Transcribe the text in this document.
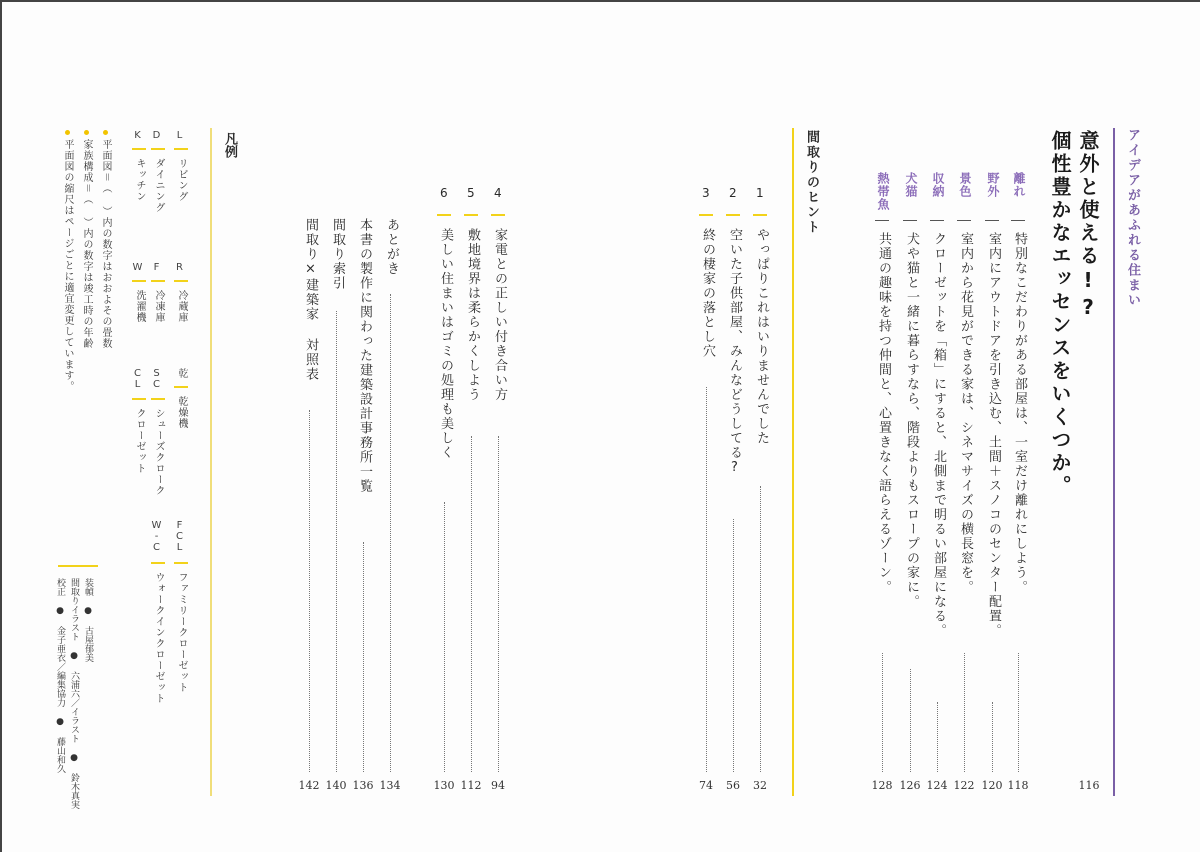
アイデアがあふれる住まい
意外と使える!?
個性豊かなエッセンスをいくつか。
116
離れ
特別なこだわりがある部屋は、一室だけ離れにしよう。
118
野外
室内にアウトドアを引き込む、土間＋スノコのセンター配置。
120
景色
室内から花見ができる家は、シネマサイズの横長窓を。
122
収納
クローゼットを「箱」にすると、北側まで明るい部屋になる。
124
犬猫
犬や猫と一緒に暮らすなら、階段よりもスロープの家に。
126
熱帯魚
共通の趣味を持つ仲間と、心置きなく語らえるゾーン。
128
間取りのヒント
1
やっぱりこれはいりませんでした
32
2
空いた子供部屋、みんなどうしてる?
56
3
終の棲家の落とし穴
74
4
家電との正しい付き合い方
94
5
敷地境界は柔らかくしよう
112
6
美しい住まいはゴミの処理も美しく
130
あとがき
134
本書の製作に関わった建築設計事務所一覧
136
間取り索引
140
間取り×建築家 対照表
142
凡例
L
リビング
D
ダイニング
K
キッチン
R
冷蔵庫
F
冷凍庫
W
洗濯機
乾
乾燥機
SC
シューズクローク
CL
クローゼット
FCL
ファミリークローゼット
W-C
ウォークインクローゼット
平面図＝（ ）内の数字はおおよその畳数
家族構成＝（ ）内の数字は竣工時の年齢
平面図の縮尺はページごとに適宜変更しています。
装幀 ● 古屋郁美
間取りイラスト ● 六浦六／イラスト ● 鈴木真実
校正 ● 金子亜衣／編集協力 ● 藤山和久
